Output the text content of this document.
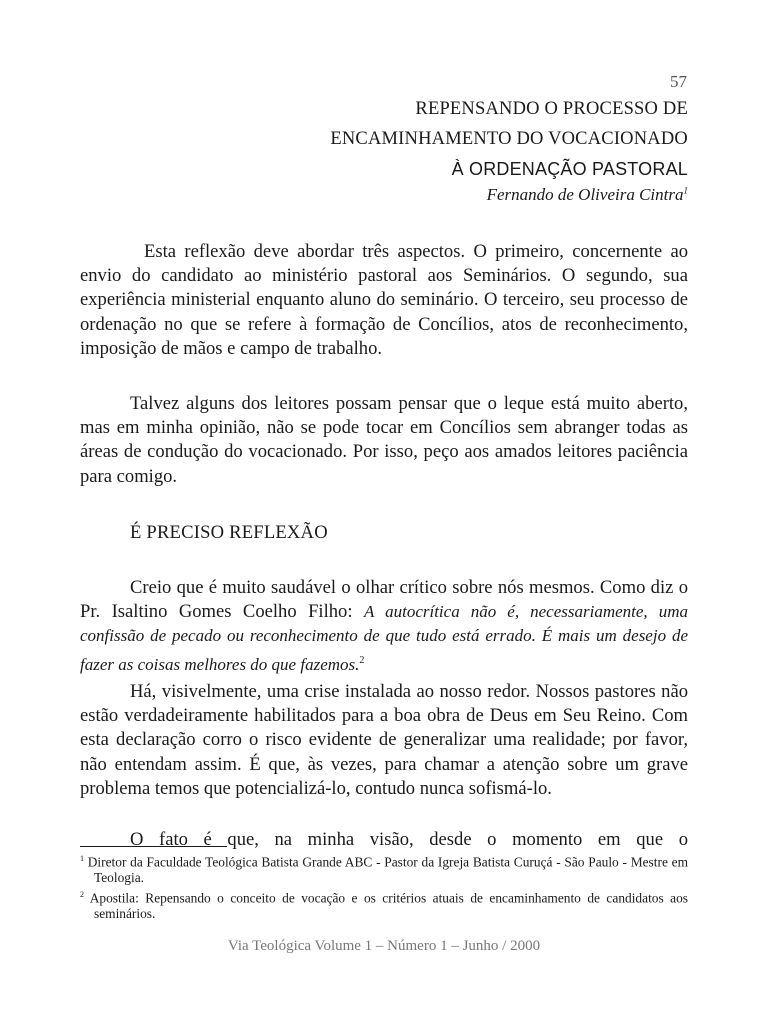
57
REPENSANDO O PROCESSO DE
ENCAMINHAMENTO DO VOCACIONADO
À ORDENAÇÃO PASTORAL
Fernando de Oliveira Cintra$^1$

Esta reflexão deve abordar três aspectos. O primeiro, concernente ao envio do candidato ao ministério pastoral aos Seminários. O segundo, sua experiência ministerial enquanto aluno do seminário. O terceiro, seu processo de ordenação no que se refere à formação de Concílios, atos de reconhecimento, imposição de mãos e campo de trabalho.

Talvez alguns dos leitores possam pensar que o leque está muito aberto, mas em minha opinião, não se pode tocar em Concílios sem abranger todas as áreas de condução do vocacionado. Por isso, peço aos amados leitores paciência para comigo.

É PRECISO REFLEXÃO

Creio que é muito saudável o olhar crítico sobre nós mesmos. Como diz o Pr. Isaltino Gomes Coelho Filho: A autocrítica não é, necessariamente, uma confissão de pecado ou reconhecimento de que tudo está errado. É mais um desejo de fazer as coisas melhores do que fazemos.$^2$

Há, visivelmente, uma crise instalada ao nosso redor. Nossos pastores não estão verdadeiramente habilitados para a boa obra de Deus em Seu Reino. Com esta declaração corro o risco evidente de generalizar uma realidade; por favor, não entendam assim. É que, às vezes, para chamar a atenção sobre um grave problema temos que potencializá-lo, contudo nunca sofismá-lo.

O fato é que, na minha visão, desde o momento em que o

$^1$ Diretor da Faculdade Teológica Batista Grande ABC - Pastor da Igreja Batista Curuçá - São Paulo - Mestre em Teologia.

$^2$ Apostila: Repensando o conceito de vocação e os critérios atuais de encaminhamento de candidatos aos seminários.

Via Teológica Volume 1 – Número 1 – Junho / 2000
